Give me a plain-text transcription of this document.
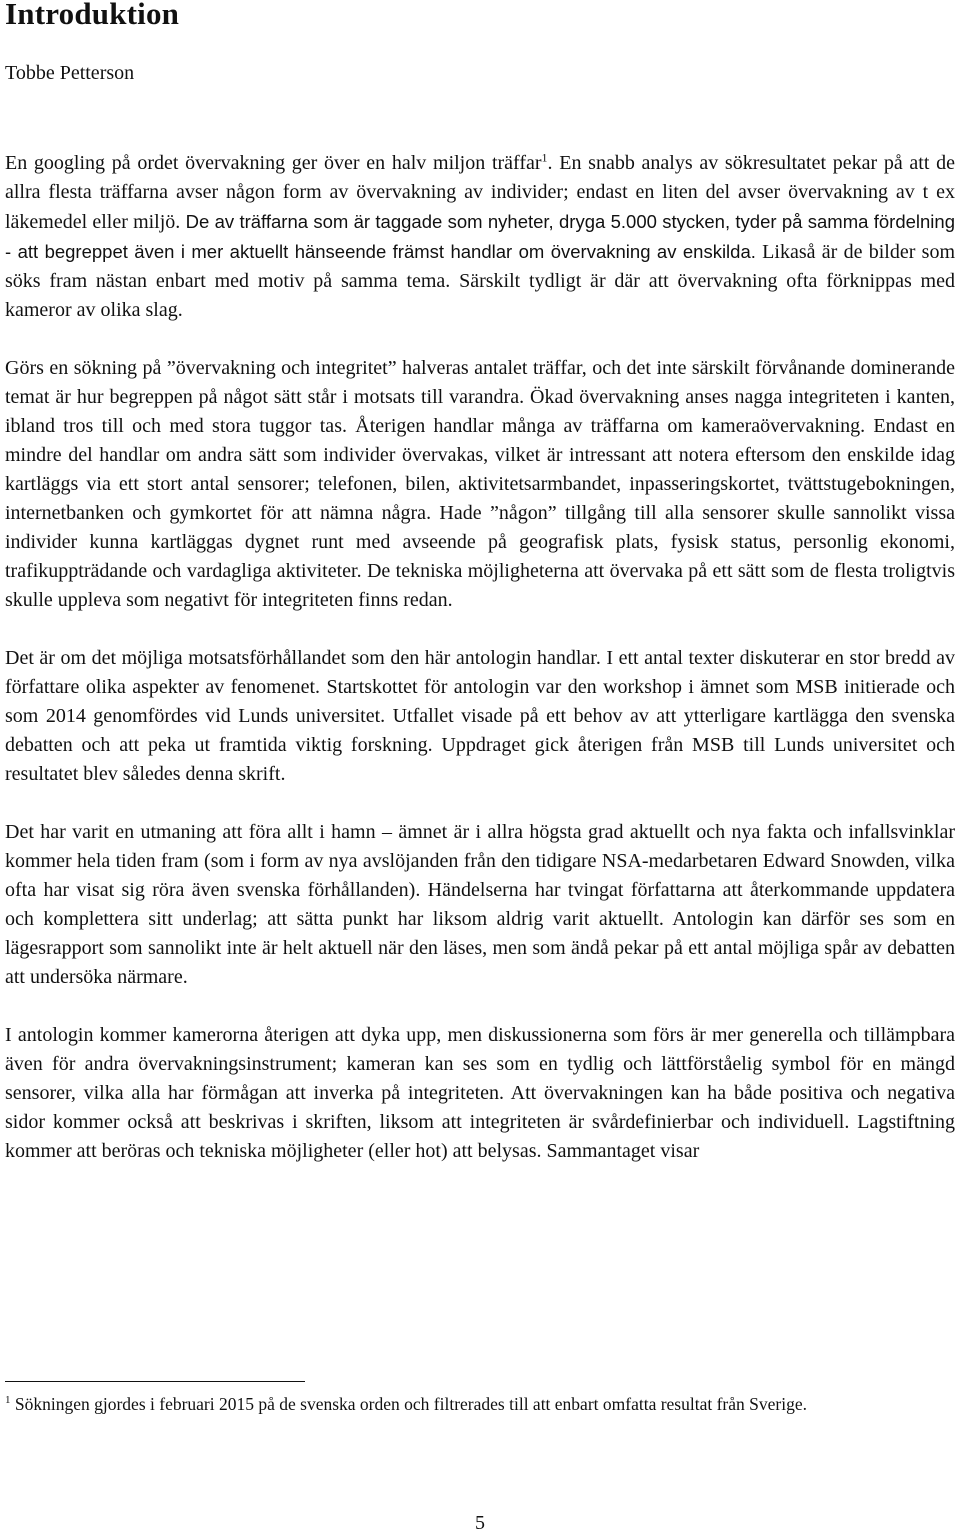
Introduktion
Tobbe Petterson

En googling på ordet övervakning ger över en halv miljon träffar$^1$. En snabb analys av sökresultatet pekar på att de allra flesta träffarna avser någon form av övervakning av individer; endast en liten del avser övervakning av t ex läkemedel eller miljö. De av träffarna som är taggade som nyheter, dryga 5.000 stycken, tyder på samma fördelning - att begreppet även i mer aktuellt hänseende främst handlar om övervakning av enskilda. Likaså är de bilder som söks fram nästan enbart med motiv på samma tema. Särskilt tydligt är där att övervakning ofta förknippas med kameror av olika slag.

Görs en sökning på ”övervakning och integritet” halveras antalet träffar, och det inte särskilt förvånande dominerande temat är hur begreppen på något sätt står i motsats till varandra. Ökad övervakning anses nagga integriteten i kanten, ibland tros till och med stora tuggor tas. Återigen handlar många av träffarna om kameraövervakning. Endast en mindre del handlar om andra sätt som individer övervakas, vilket är intressant att notera eftersom den enskilde idag kartläggs via ett stort antal sensorer; telefonen, bilen, aktivitetsarmbandet, inpasseringskortet, tvättstugebokningen, internetbanken och gymkortet för att nämna några. Hade ”någon” tillgång till alla sensorer skulle sannolikt vissa individer kunna kartläggas dygnet runt med avseende på geografisk plats, fysisk status, personlig ekonomi, trafikuppträdande och vardagliga aktiviteter. De tekniska möjligheterna att övervaka på ett sätt som de flesta troligtvis skulle uppleva som negativt för integriteten finns redan.

Det är om det möjliga motsatsförhållandet som den här antologin handlar. I ett antal texter diskuterar en stor bredd av författare olika aspekter av fenomenet. Startskottet för antologin var den workshop i ämnet som MSB initierade och som 2014 genomfördes vid Lunds universitet. Utfallet visade på ett behov av att ytterligare kartlägga den svenska debatten och att peka ut framtida viktig forskning. Uppdraget gick återigen från MSB till Lunds universitet och resultatet blev således denna skrift.

Det har varit en utmaning att föra allt i hamn – ämnet är i allra högsta grad aktuellt och nya fakta och infallsvinklar kommer hela tiden fram (som i form av nya avslöjanden från den tidigare NSA-medarbetaren Edward Snowden, vilka ofta har visat sig röra även svenska förhållanden). Händelserna har tvingat författarna att återkommande uppdatera och komplettera sitt underlag; att sätta punkt har liksom aldrig varit aktuellt. Antologin kan därför ses som en lägesrapport som sannolikt inte är helt aktuell när den läses, men som ändå pekar på ett antal möjliga spår av debatten att undersöka närmare.

I antologin kommer kamerorna återigen att dyka upp, men diskussionerna som förs är mer generella och tillämpbara även för andra övervakningsinstrument; kameran kan ses som en tydlig och lättförståelig symbol för en mängd sensorer, vilka alla har förmågan att inverka på integriteten. Att övervakningen kan ha både positiva och negativa sidor kommer också att beskrivas i skriften, liksom att integriteten är svårdefinierbar och individuell. Lagstiftning kommer att beröras och tekniska möjligheter (eller hot) att belysas. Sammantaget visar

$^1$ Sökningen gjordes i februari 2015 på de svenska orden och filtrerades till att enbart omfatta resultat från Sverige.
5
